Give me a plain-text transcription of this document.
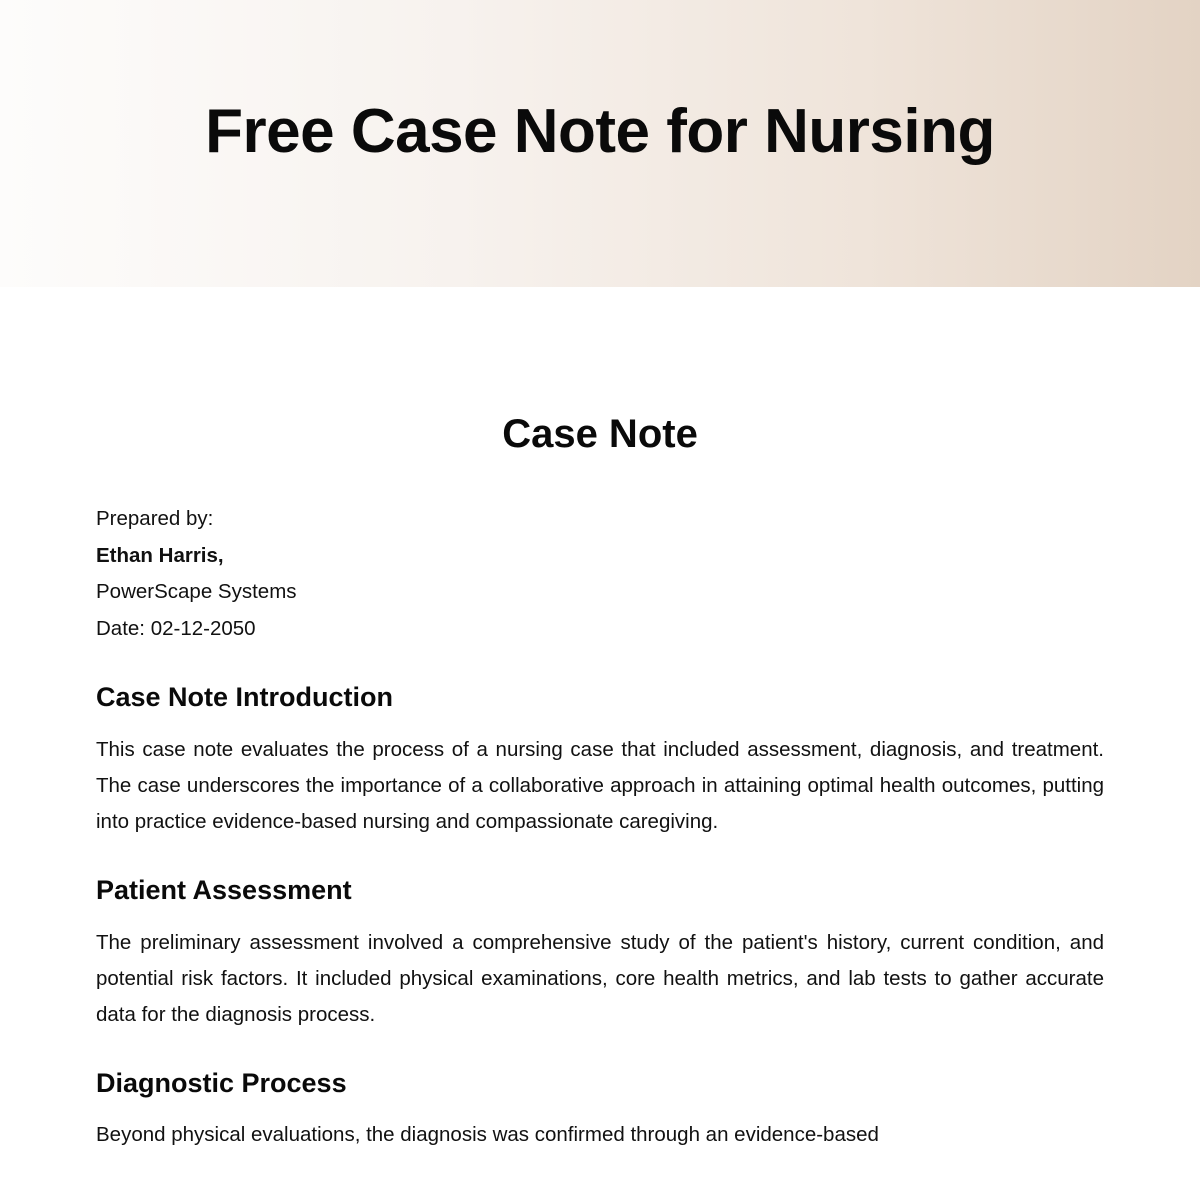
Free Case Note for Nursing
Case Note
Prepared by:
Ethan Harris,
PowerScape Systems
Date: 02-12-2050
Case Note Introduction

This case note evaluates the process of a nursing case that included assessment, diagnosis, and treatment. The case underscores the importance of a collaborative approach in attaining optimal health outcomes, putting into practice evidence-based nursing and compassionate caregiving.

Patient Assessment

The preliminary assessment involved a comprehensive study of the patient's history, current condition, and potential risk factors. It included physical examinations, core health metrics, and lab tests to gather accurate data for the diagnosis process.

Diagnostic Process

Beyond physical evaluations, the diagnosis was confirmed through an evidence-based
